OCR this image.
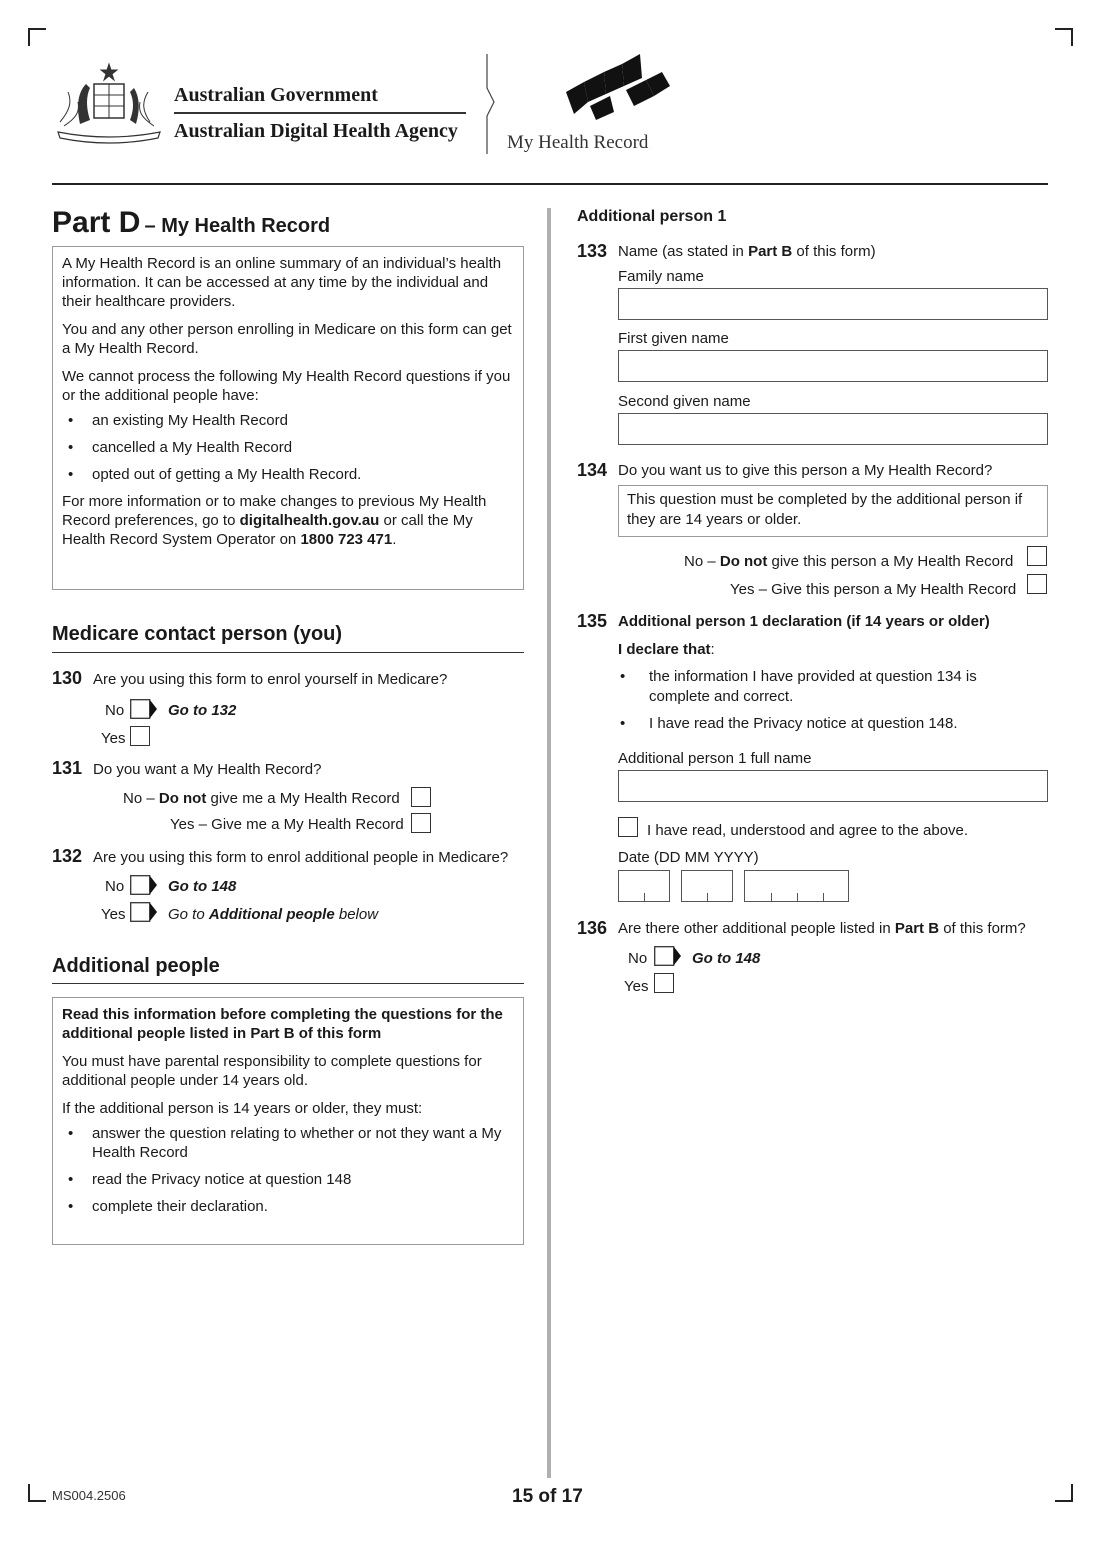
Australian Government
Australian Digital Health Agency
My Health Record
Part D – My Health Record

A My Health Record is an online summary of an individual’s health information. It can be accessed at any time by the individual and their healthcare providers.

You and any other person enrolling in Medicare on this form can get a My Health Record.

We cannot process the following My Health Record questions if you or the additional people have:

• an existing My Health Record
• cancelled a My Health Record
• opted out of getting a My Health Record.

For more information or to make changes to previous My Health Record preferences, go to digitalhealth.gov.au or call the My Health Record System Operator on 1800 723 471.

Medicare contact person (you)
130 Are you using this form to enrol yourself in Medicare?
No	Go to 132
Yes
131 Do you want a My Health Record?
No – Do not give me a My Health Record
Yes – Give me a My Health Record
132 Are you using this form to enrol additional people in Medicare?
No	Go to 148
Yes	Go to Additional people below
Additional people

Read this information before completing the questions for the additional people listed in Part B of this form

You must have parental responsibility to complete questions for additional people under 14 years old.

If the additional person is 14 years or older, they must:

• answer the question relating to whether or not they want a My Health Record
• read the Privacy notice at question 148
• complete their declaration.
Additional person 1
133 Name (as stated in Part B of this form)
Family name
First given name
Second given name
134 Do you want us to give this person a My Health Record?
This question must be completed by the additional person if they are 14 years or older.
No – Do not give this person a My Health Record
Yes – Give this person a My Health Record
135 Additional person 1 declaration (if 14 years or older)
I declare that:
• the information I have provided at question 134 is complete and correct.
• I have read the Privacy notice at question 148.
Additional person 1 full name
I have read, understood and agree to the above.
Date (DD MM YYYY)
136 Are there other additional people listed in Part B of this form?
No	Go to 148
Yes
MS004.2506	15 of 17
